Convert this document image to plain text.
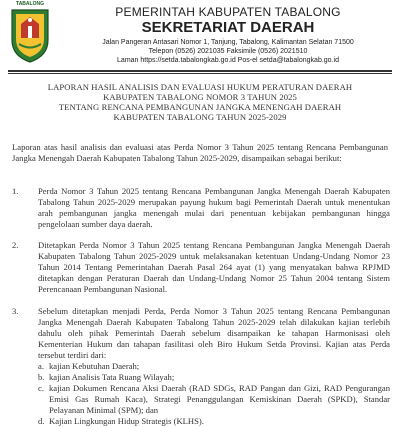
TABALONG
PEMERINTAH KABUPATEN TABALONG
SEKRETARIAT DAERAH
Jalan Pangeran Antasari Nomor 1, Tanjung, Tabalong, Kalimantan Selatan 71500
Telepon (0526) 2021035 Faksimile (0526) 2021510
Laman https://setda.tabalongkab.go.id Pos-el setda@tabalongkab.go.id
LAPORAN HASIL ANALISIS DAN EVALUASI HUKUM PERATURAN DAERAH
KABUPATEN TABALONG NOMOR 3 TAHUN 2025
TENTANG RENCANA PEMBANGUNAN JANGKA MENENGAH DAERAH
KABUPATEN TABALONG TAHUN 2025-2029
Laporan atas hasil analisis dan evaluasi atas Perda Nomor 3 Tahun 2025 tentang Rencana Pembangunan Jangka Menengah Daerah Kabupaten Tabalong Tahun 2025-2029, disampaikan sebagai berikut:
1.	Perda Nomor 3 Tahun 2025 tentang Rencana Pembangunan Jangka Menengah Daerah Kabupaten Tabalong Tahun 2025-2029 merupakan payung hukum bagi Pemerintah Daerah untuk menentukan arah pembangunan jangka menengah mulai dari penentuan kebijakan pembangunan hingga pengelolaan sumber daya daerah.
2.	Ditetapkan Perda Nomor 3 Tahun 2025 tentang Rencana Pembangunan Jangka Menengah Daerah Kabupaten Tabalong Tahun 2025-2029 untuk melaksanakan ketentuan Undang-Undang Nomor 23 Tahun 2014 Tentang Pemerintahan Daerah Pasal 264 ayat (1) yang menyatakan bahwa RPJMD ditetapkan dengan Peraturan Daerah dan Undang-Undang Nomor 25 Tahun 2004 tentang Sistem Perencanaan Pembangunan Nasional.
3.	Sebelum ditetapkan menjadi Perda, Perda Nomor 3 Tahun 2025 tentang Rencana Pembangunan Jangka Menengah Daerah Kabupaten Tabalong Tahun 2025-2029 telah dilakukan kajian terlebih dahulu oleh pihak Pemerintah Daerah sebelum disampaikan ke tahapan Harmonisasi oleh Kementerian Hukum dan tahapan fasilitasi oleh Biro Hukum Setda Provinsi. Kajian atas Perda tersebut terdiri dari:
a. kajian Kebutuhan Daerah;
b. kajian Analisis Tata Ruang Wilayah;
c. kajian Dokumen Rencana Aksi Daerah (RAD SDGs, RAD Pangan dan Gizi, RAD Pengurangan Emisi Gas Rumah Kaca), Strategi Penanggulangan Kemiskinan Daerah (SPKD), Standar Pelayanan Minimal (SPM); dan
d. Kajian Lingkungan Hidup Strategis (KLHS).
